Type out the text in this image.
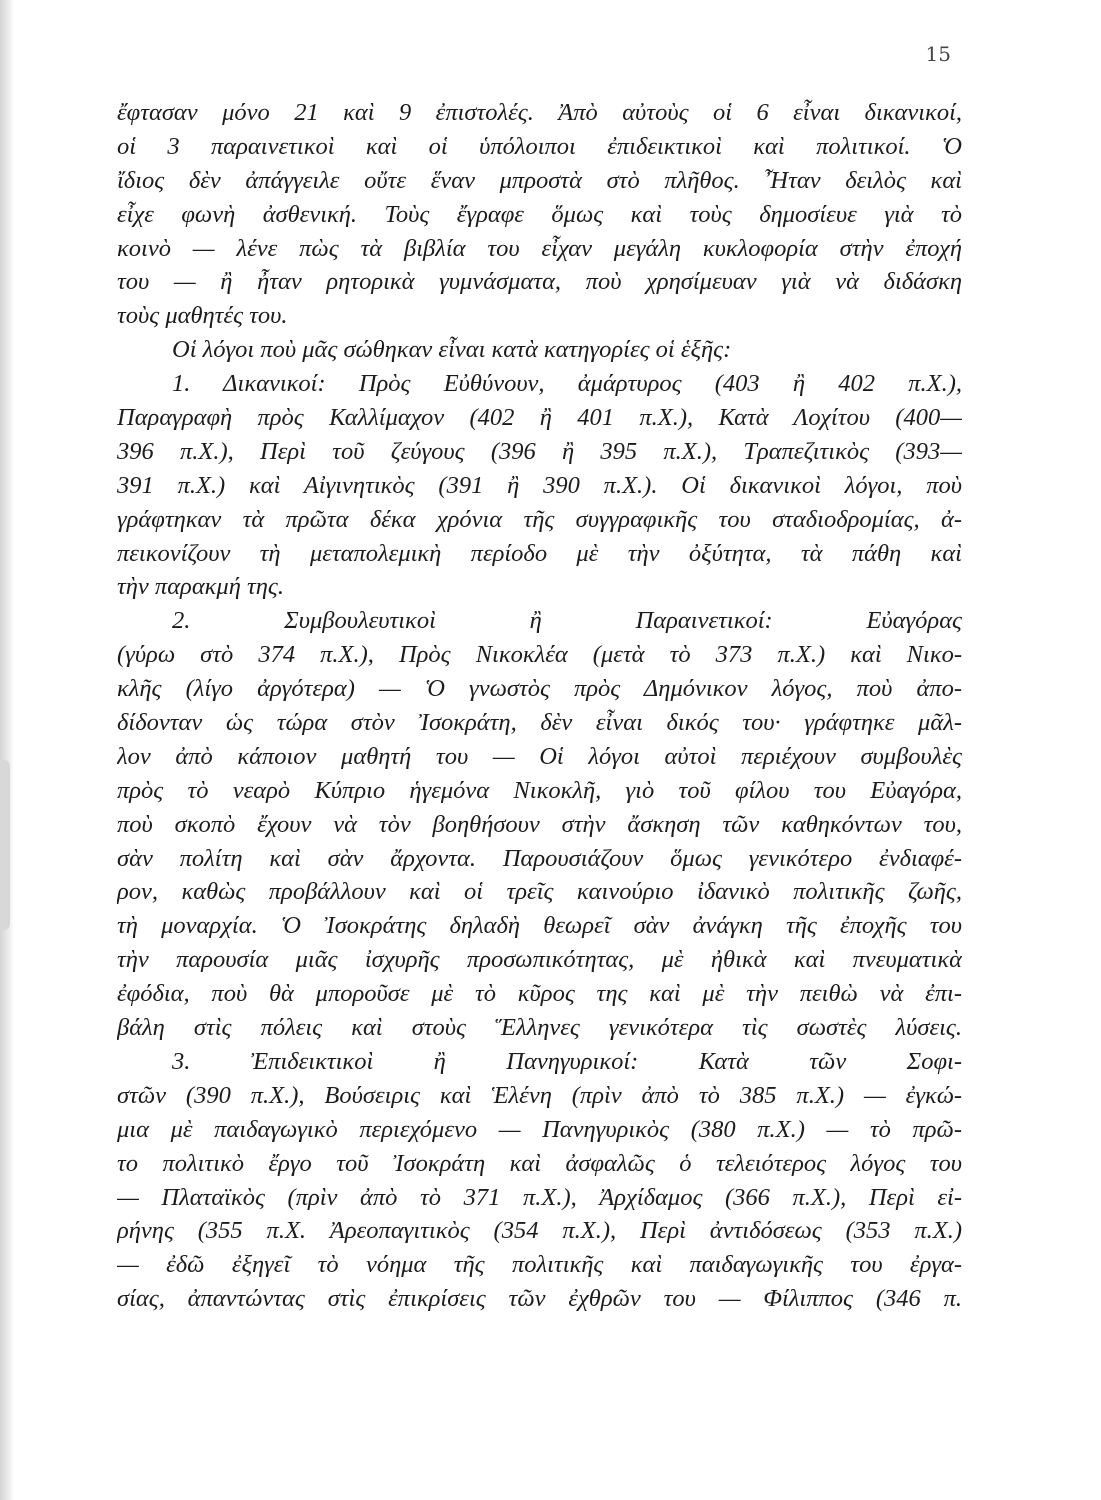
15
ἔφτασαν μόνο 21 καὶ 9 ἐπιστολές. Ἀπὸ αὐτοὺς οἱ 6 εἶναι δικανικοί,
οἱ 3 παραινετικοὶ καὶ οἱ ὑπόλοιποι ἐπιδεικτικοὶ καὶ πολιτικοί. Ὁ
ἴδιος δὲν ἀπάγγειλε οὔτε ἕναν μπροστὰ στὸ πλῆθος. Ἦταν δειλὸς καὶ
εἶχε φωνὴ ἀσθενική. Τοὺς ἔγραφε ὅμως καὶ τοὺς δημοσίευε γιὰ τὸ
κοινὸ — λένε πὼς τὰ βιβλία του εἶχαν μεγάλη κυκλοφορία στὴν ἐποχή
του — ἢ ἦταν ρητορικὰ γυμνάσματα, ποὺ χρησίμευαν γιὰ νὰ διδάσκη
τοὺς μαθητές του.
Οἱ λόγοι ποὺ μᾶς σώθηκαν εἶναι κατὰ κατηγορίες οἱ ἑξῆς:
1. Δικανικοί: Πρὸς Εὐθύνουν, ἀμάρτυρος (403 ἢ 402 π.Χ.),
Παραγραφὴ πρὸς Καλλίμαχον (402 ἢ 401 π.Χ.), Κατὰ Λοχίτου (400—
396 π.Χ.), Περὶ τοῦ ζεύγους (396 ἢ 395 π.Χ.), Τραπεζιτικὸς (393—
391 π.Χ.) καὶ Αἰγινητικὸς (391 ἢ 390 π.Χ.). Οἱ δικανικοὶ λόγοι, ποὺ
γράφτηκαν τὰ πρῶτα δέκα χρόνια τῆς συγγραφικῆς του σταδιοδρομίας, ἀ-
πεικονίζουν τὴ μεταπολεμικὴ περίοδο μὲ τὴν ὀξύτητα, τὰ πάθη καὶ
τὴν παρακμή της.
2. Συμβουλευτικοὶ ἢ Παραινετικοί: Εὐαγόρας
(γύρω στὸ 374 π.Χ.), Πρὸς Νικοκλέα (μετὰ τὸ 373 π.Χ.) καὶ Νικο-
κλῆς (λίγο ἀργότερα) — Ὁ γνωστὸς πρὸς Δημόνικον λόγος, ποὺ ἀπο-
δίδονταν ὡς τώρα στὸν Ἰσοκράτη, δὲν εἶναι δικός του· γράφτηκε μᾶλ-
λον ἀπὸ κάποιον μαθητή του — Οἱ λόγοι αὐτοὶ περιέχουν συμβουλὲς
πρὸς τὸ νεαρὸ Κύπριο ἡγεμόνα Νικοκλῆ, γιὸ τοῦ φίλου του Εὐαγόρα,
ποὺ σκοπὸ ἔχουν νὰ τὸν βοηθήσουν στὴν ἄσκηση τῶν καθηκόντων του,
σὰν πολίτη καὶ σὰν ἄρχοντα. Παρουσιάζουν ὅμως γενικότερο ἐνδιαφέ-
ρον, καθὼς προβάλλουν καὶ οἱ τρεῖς καινούριο ἰδανικὸ πολιτικῆς ζωῆς,
τὴ μοναρχία. Ὁ Ἰσοκράτης δηλαδὴ θεωρεῖ σὰν ἀνάγκη τῆς ἐποχῆς του
τὴν παρουσία μιᾶς ἰσχυρῆς προσωπικότητας, μὲ ἠθικὰ καὶ πνευματικὰ
ἐφόδια, ποὺ θὰ μποροῦσε μὲ τὸ κῦρος της καὶ μὲ τὴν πειθὼ νὰ ἐπι-
βάλη στὶς πόλεις καὶ στοὺς Ἕλληνες γενικότερα τὶς σωστὲς λύσεις.
3. Ἐπιδεικτικοὶ ἢ Πανηγυρικοί: Κατὰ τῶν Σοφι-
στῶν (390 π.Χ.), Βούσειρις καὶ Ἑλένη (πρὶν ἀπὸ τὸ 385 π.Χ.) — ἐγκώ-
μια μὲ παιδαγωγικὸ περιεχόμενο — Πανηγυρικὸς (380 π.Χ.) — τὸ πρῶ-
το πολιτικὸ ἔργο τοῦ Ἰσοκράτη καὶ ἀσφαλῶς ὁ τελειότερος λόγος του
— Πλαταϊκὸς (πρὶν ἀπὸ τὸ 371 π.Χ.), Ἀρχίδαμος (366 π.Χ.), Περὶ εἰ-
ρήνης (355 π.Χ. Ἀρεοπαγιτικὸς (354 π.Χ.), Περὶ ἀντιδόσεως (353 π.Χ.)
— ἐδῶ ἐξηγεῖ τὸ νόημα τῆς πολιτικῆς καὶ παιδαγωγικῆς του ἐργα-
σίας, ἀπαντώντας στὶς ἐπικρίσεις τῶν ἐχθρῶν του — Φίλιππος (346 π.
